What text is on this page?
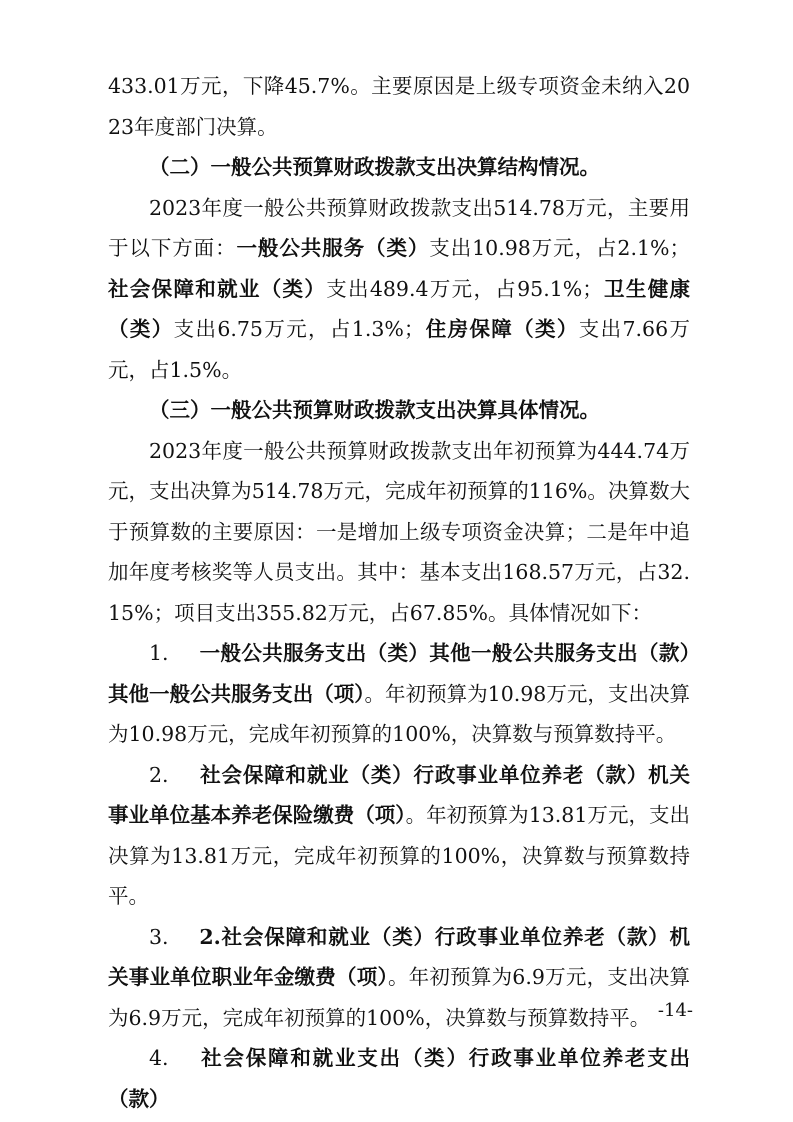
433.01万元，下降45.7%。主要原因是上级专项资金未纳入2023年度部门决算。

（二）一般公共预算财政拨款支出决算结构情况。

2023年度一般公共预算财政拨款支出514.78万元，主要用于以下方面：一般公共服务（类）支出10.98万元，占2.1%；社会保障和就业（类）支出489.4万元，占95.1%；卫生健康（类）支出6.75万元，占1.3%；住房保障（类）支出7.66万元，占1.5%。

（三）一般公共预算财政拨款支出决算具体情况。

2023年度一般公共预算财政拨款支出年初预算为444.74万元，支出决算为514.78万元，完成年初预算的116%。决算数大于预算数的主要原因：一是增加上级专项资金决算；二是年中追加年度考核奖等人员支出。其中：基本支出168.57万元，占32.15%；项目支出355.82万元，占67.85%。具体情况如下：

1.   一般公共服务支出（类）其他一般公共服务支出（款）其他一般公共服务支出（项）。年初预算为10.98万元，支出决算为10.98万元，完成年初预算的100%，决算数与预算数持平。

2.   社会保障和就业（类）行政事业单位养老（款）机关事业单位基本养老保险缴费（项）。年初预算为13.81万元，支出决算为13.81万元，完成年初预算的100%，决算数与预算数持平。

3.   2.社会保障和就业（类）行政事业单位养老（款）机关事业单位职业年金缴费（项）。年初预算为6.9万元，支出决算为6.9万元，完成年初预算的100%，决算数与预算数持平。

4.   社会保障和就业支出（类）行政事业单位养老支出（款）

-14-
